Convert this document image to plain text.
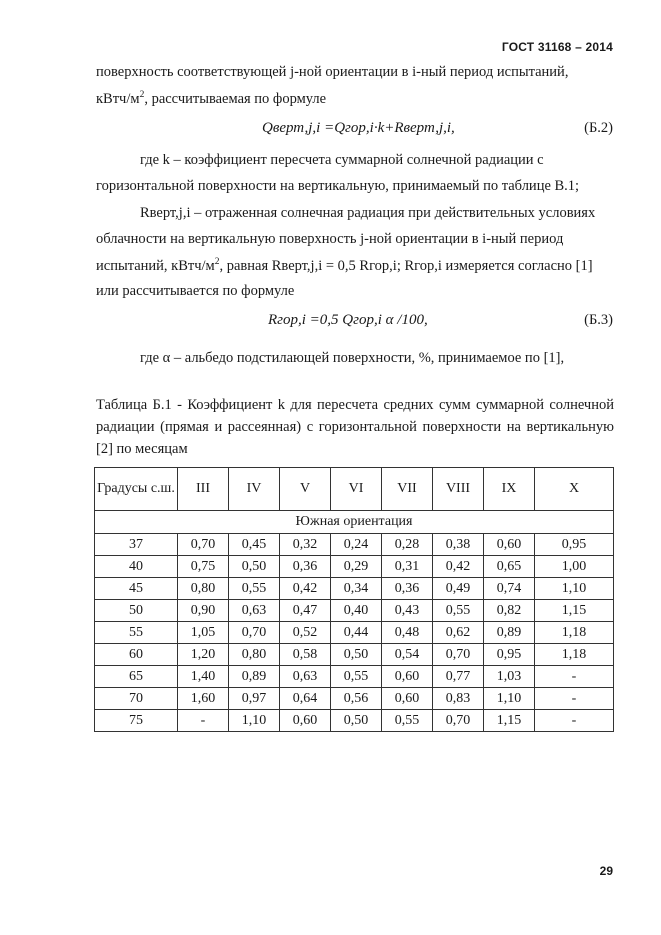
ГОСТ 31168 – 2014
поверхность соответствующей j-ной ориентации в i-ный период испытаний,
кВтч/$м^2$, рассчитываемая по формуле
Qверт,j,i =Qгор,i·k+Rверт,j,i,	(Б.2)
где k – коэффициент пересчета суммарной солнечной радиации с
горизонтальной поверхности на вертикальную, принимаемый по таблице В.1;
Rверт,j,i – отраженная солнечная радиация при действительных условиях
облачности на вертикальную поверхность j-ной ориентации в i-ный период
испытаний, кВтч/$м^2$, равная Rверт,j,i = 0,5 Rгор,i; Rгор,i измеряется согласно [1]
или рассчитывается по формуле
Rгор,i =0,5 Qгор,i α /100,	(Б.3)
где α – альбедо подстилающей поверхности, %, принимаемое по [1],
Таблица Б.1 - Коэффициент k для пересчета средних сумм суммарной солнечной радиации (прямая и рассеянная) с горизонтальной поверхности на вертикальную [2] по месяцам
Градусы с.ш.	III	IV	V	VI	VII	VIII	IX	X
Южная ориентация								
37	0,70	0,45	0,32	0,24	0,28	0,38	0,60	0,95
40	0,75	0,50	0,36	0,29	0,31	0,42	0,65	1,00
45	0,80	0,55	0,42	0,34	0,36	0,49	0,74	1,10
50	0,90	0,63	0,47	0,40	0,43	0,55	0,82	1,15
55	1,05	0,70	0,52	0,44	0,48	0,62	0,89	1,18
60	1,20	0,80	0,58	0,50	0,54	0,70	0,95	1,18
65	1,40	0,89	0,63	0,55	0,60	0,77	1,03	-
70	1,60	0,97	0,64	0,56	0,60	0,83	1,10	-
75	-	1,10	0,60	0,50	0,55	0,70	1,15	-
29
